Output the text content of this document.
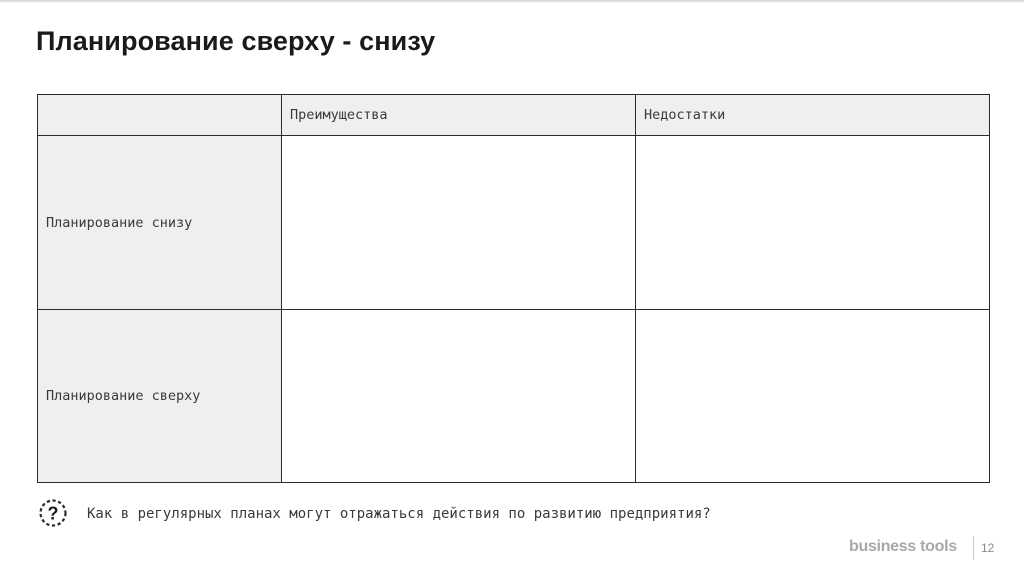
Планирование сверху - снизу
	Преимущества	Недостатки
Планирование снизу		
Планирование сверху		
? Как в регулярных планах могут отражаться действия по развитию предприятия?
business tools 12
